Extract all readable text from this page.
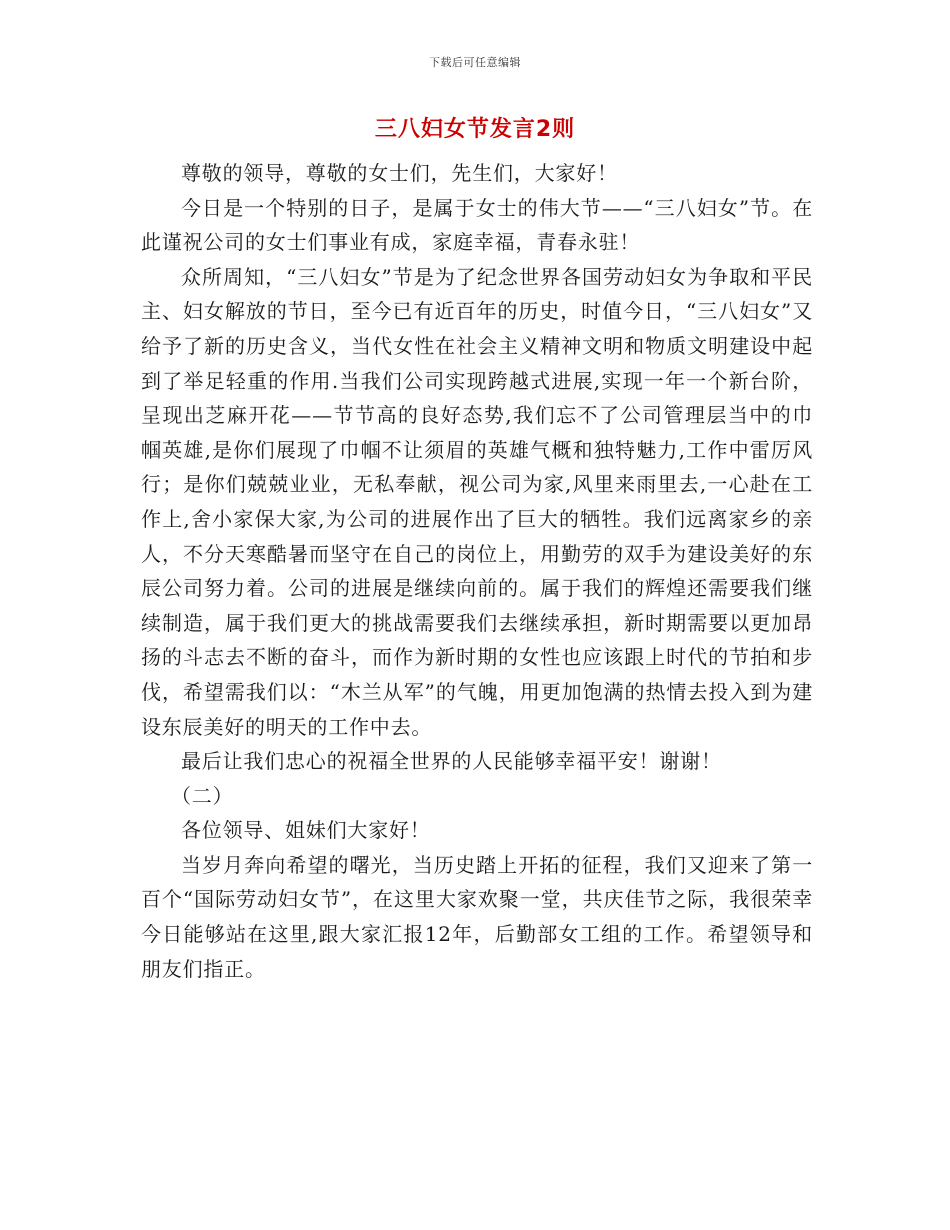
下载后可任意编辑
三八妇女节发言2则

尊敬的领导，尊敬的女士们，先生们，大家好！

今日是一个特别的日子，是属于女士的伟大节——“三八妇女”节。在此谨祝公司的女士们事业有成，家庭幸福，青春永驻！

众所周知，“三八妇女”节是为了纪念世界各国劳动妇女为争取和平民主、妇女解放的节日，至今已有近百年的历史，时值今日，“三八妇女”又给予了新的历史含义，当代女性在社会主义精神文明和物质文明建设中起到了举足轻重的作用.当我们公司实现跨越式进展,实现一年一个新台阶，呈现出芝麻开花——节节高的良好态势,我们忘不了公司管理层当中的巾帼英雄,是你们展现了巾帼不让须眉的英雄气概和独特魅力,工作中雷厉风行；是你们兢兢业业，无私奉献，视公司为家,风里来雨里去,一心赴在工作上,舍小家保大家,为公司的进展作出了巨大的牺牲。我们远离家乡的亲人，不分天寒酷暑而坚守在自己的岗位上，用勤劳的双手为建设美好的东辰公司努力着。公司的进展是继续向前的。属于我们的辉煌还需要我们继续制造，属于我们更大的挑战需要我们去继续承担，新时期需要以更加昂扬的斗志去不断的奋斗，而作为新时期的女性也应该跟上时代的节拍和步伐，希望需我们以：“木兰从军”的气魄，用更加饱满的热情去投入到为建设东辰美好的明天的工作中去。

最后让我们忠心的祝福全世界的人民能够幸福平安！谢谢！

（二）

各位领导、姐妹们大家好！

当岁月奔向希望的曙光，当历史踏上开拓的征程，我们又迎来了第一百个“国际劳动妇女节”，在这里大家欢聚一堂，共庆佳节之际，我很荣幸今日能够站在这里,跟大家汇报12年，后勤部女工组的工作。希望领导和朋友们指正。
